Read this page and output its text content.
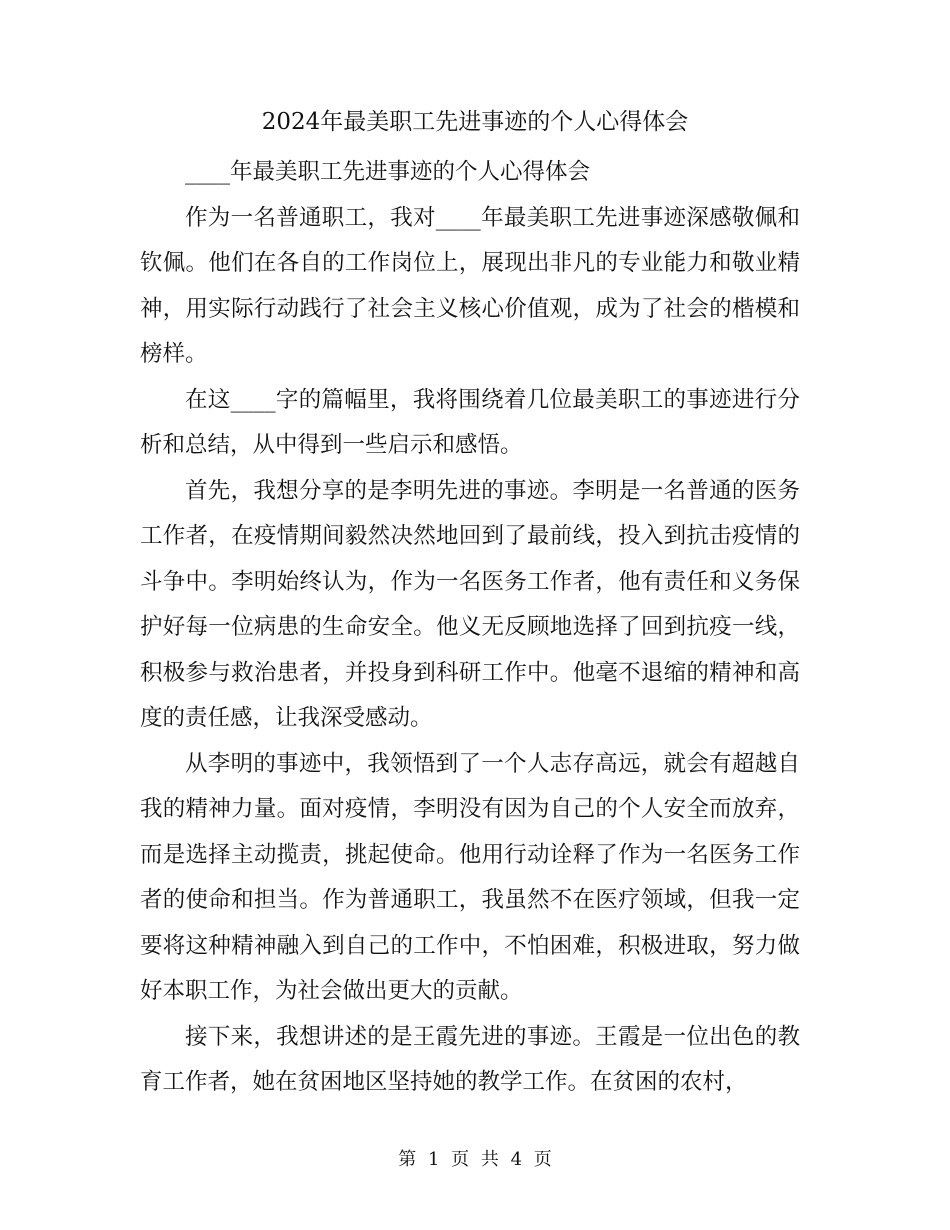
2024年最美职工先进事迹的个人心得体会

____年最美职工先进事迹的个人心得体会

作为一名普通职工，我对____年最美职工先进事迹深感敬佩和钦佩。他们在各自的工作岗位上，展现出非凡的专业能力和敬业精神，用实际行动践行了社会主义核心价值观，成为了社会的楷模和榜样。

在这____字的篇幅里，我将围绕着几位最美职工的事迹进行分析和总结，从中得到一些启示和感悟。

首先，我想分享的是李明先进的事迹。李明是一名普通的医务工作者，在疫情期间毅然决然地回到了最前线，投入到抗击疫情的斗争中。李明始终认为，作为一名医务工作者，他有责任和义务保护好每一位病患的生命安全。他义无反顾地选择了回到抗疫一线，积极参与救治患者，并投身到科研工作中。他毫不退缩的精神和高度的责任感，让我深受感动。

从李明的事迹中，我领悟到了一个人志存高远，就会有超越自我的精神力量。面对疫情，李明没有因为自己的个人安全而放弃，而是选择主动揽责，挑起使命。他用行动诠释了作为一名医务工作者的使命和担当。作为普通职工，我虽然不在医疗领域，但我一定要将这种精神融入到自己的工作中，不怕困难，积极进取，努力做好本职工作，为社会做出更大的贡献。

接下来，我想讲述的是王霞先进的事迹。王霞是一位出色的教育工作者，她在贫困地区坚持她的教学工作。在贫困的农村，

第 1 页 共 4 页
